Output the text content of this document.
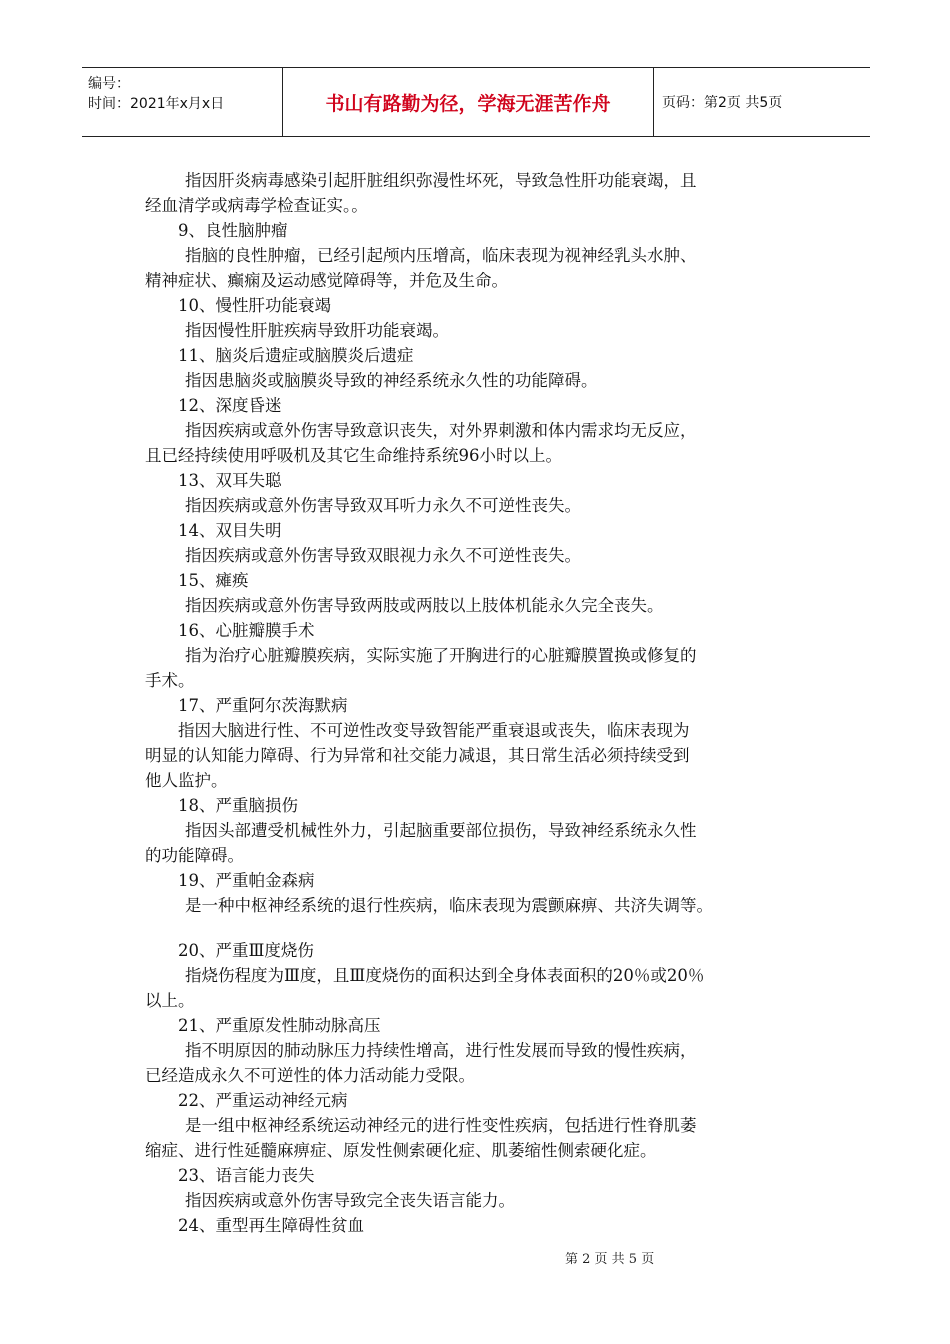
编号：
时间：2021年x月x日	书山有路勤为径，学海无涯苦作舟	页码：第2页 共5页

指因肝炎病毒感染引起肝脏组织弥漫性坏死，导致急性肝功能衰竭，且

经血清学或病毒学检查证实。。

9、良性脑肿瘤

指脑的良性肿瘤，已经引起颅内压增高，临床表现为视神经乳头水肿、

精神症状、癫痫及运动感觉障碍等，并危及生命。

10、慢性肝功能衰竭

指因慢性肝脏疾病导致肝功能衰竭。

11、脑炎后遗症或脑膜炎后遗症

指因患脑炎或脑膜炎导致的神经系统永久性的功能障碍。

12、深度昏迷

指因疾病或意外伤害导致意识丧失，对外界刺激和体内需求均无反应，

且已经持续使用呼吸机及其它生命维持系统96小时以上。

13、双耳失聪

指因疾病或意外伤害导致双耳听力永久不可逆性丧失。

14、双目失明

指因疾病或意外伤害导致双眼视力永久不可逆性丧失。

15、瘫痪

指因疾病或意外伤害导致两肢或两肢以上肢体机能永久完全丧失。

16、心脏瓣膜手术

指为治疗心脏瓣膜疾病，实际实施了开胸进行的心脏瓣膜置换或修复的

手术。

17、严重阿尔茨海默病

指因大脑进行性、不可逆性改变导致智能严重衰退或丧失，临床表现为

明显的认知能力障碍、行为异常和社交能力减退，其日常生活必须持续受到

他人监护。

18、严重脑损伤

指因头部遭受机械性外力，引起脑重要部位损伤，导致神经系统永久性

的功能障碍。

19、严重帕金森病

是一种中枢神经系统的退行性疾病，临床表现为震颤麻痹、共济失调等。

20、严重Ⅲ度烧伤

指烧伤程度为Ⅲ度，且Ⅲ度烧伤的面积达到全身体表面积的20％或20％

以上。

21、严重原发性肺动脉高压

指不明原因的肺动脉压力持续性增高，进行性发展而导致的慢性疾病，

已经造成永久不可逆性的体力活动能力受限。

22、严重运动神经元病

是一组中枢神经系统运动神经元的进行性变性疾病，包括进行性脊肌萎

缩症、进行性延髓麻痹症、原发性侧索硬化症、肌萎缩性侧索硬化症。

23、语言能力丧失

指因疾病或意外伤害导致完全丧失语言能力。

24、重型再生障碍性贫血

第 2 页 共 5 页
